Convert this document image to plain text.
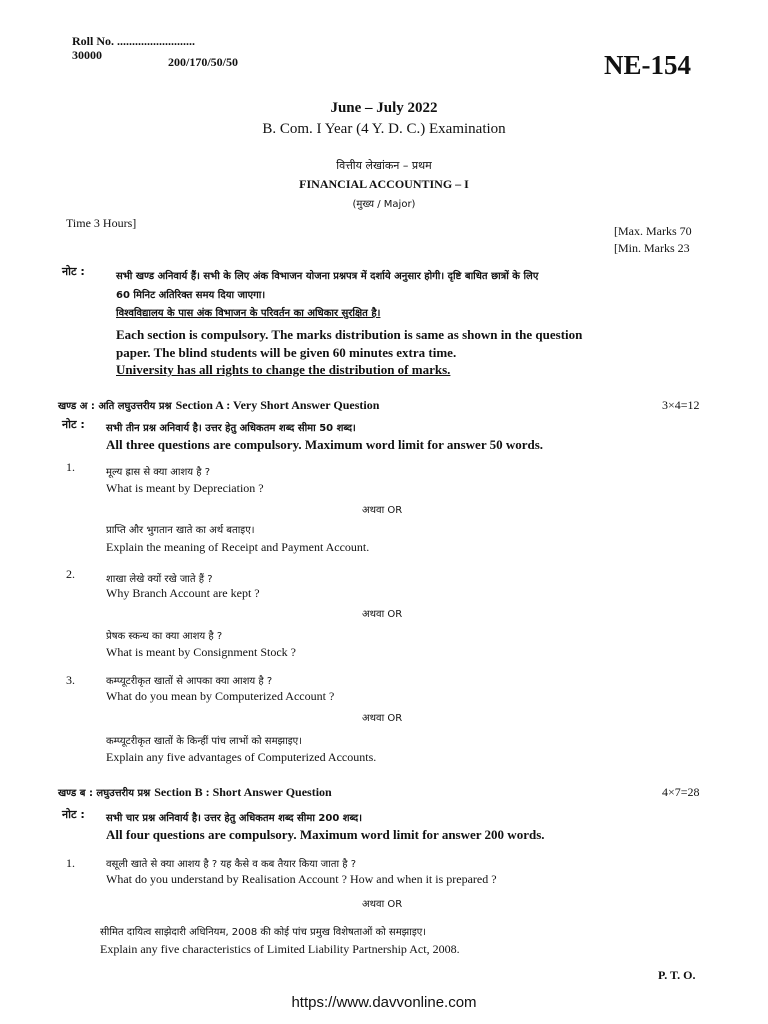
Roll No. ..........................
30000	200/170/50/50	NE-154
June – July 2022
B. Com. I Year (4 Y. D. C.) Examination
वित्तीय लेखांकन – प्रथम
FINANCIAL ACCOUNTING – I
(मुख्य / Major)
Time 3 Hours]
[Max. Marks 70
[Min. Marks 23
नोट :	सभी खण्ड अनिवार्य हैं। सभी के लिए अंक विभाजन योजना प्रश्नपत्र में दर्शाये अनुसार होगी। दृष्टि बाधित छात्रों के लिए
60 मिनिट अतिरिक्त समय दिया जाएगा।
विश्वविद्यालय के पास अंक विभाजन के परिवर्तन का अधिकार सुरक्षित है।
Each section is compulsory. The marks distribution is same as shown in the question
paper. The blind students will be given 60 minutes extra time.
University has all rights to change the distribution of marks.
खण्ड अ : अति लघुउत्तरीय प्रश्न Section A : Very Short Answer Question	3×4=12
नोट : सभी तीन प्रश्न अनिवार्य है। उत्तर हेतु अधिकतम शब्द सीमा 50 शब्द।
All three questions are compulsory. Maximum word limit for answer 50 words.
1.	मूल्य ह्रास से क्या आशय है ?
What is meant by Depreciation ?
अथवा OR
प्राप्ति और भुगतान खाते का अर्थ बताइए।
Explain the meaning of Receipt and Payment Account.
2.	शाखा लेखे क्यों रखे जाते हैं ?
Why Branch Account are kept ?
अथवा OR
प्रेषक स्कन्ध का क्या आशय है ?
What is meant by Consignment Stock ?
3.	कम्प्यूटरीकृत खातों से आपका क्या आशय है ?
What do you mean by Computerized Account ?
अथवा OR
कम्प्यूटरीकृत खातों के किन्हीं पांच लाभों को समझाइए।
Explain any five advantages of Computerized Accounts.
खण्ड ब : लघुउत्तरीय प्रश्न Section B : Short Answer Question	4×7=28
नोट : सभी चार प्रश्न अनिवार्य है। उत्तर हेतु अधिकतम शब्द सीमा 200 शब्द।
All four questions are compulsory. Maximum word limit for answer 200 words.
1.	वसूली खाते से क्या आशय है ? यह कैसे व कब तैयार किया जाता है ?
What do you understand by Realisation Account ? How and when it is prepared ?
अथवा OR
सीमित दायित्व साझेदारी अधिनियम, 2008 की कोई पांच प्रमुख विशेषताओं को समझाइए।
Explain any five characteristics of Limited Liability Partnership Act, 2008.
P. T. O.
https://www.davvonline.com
